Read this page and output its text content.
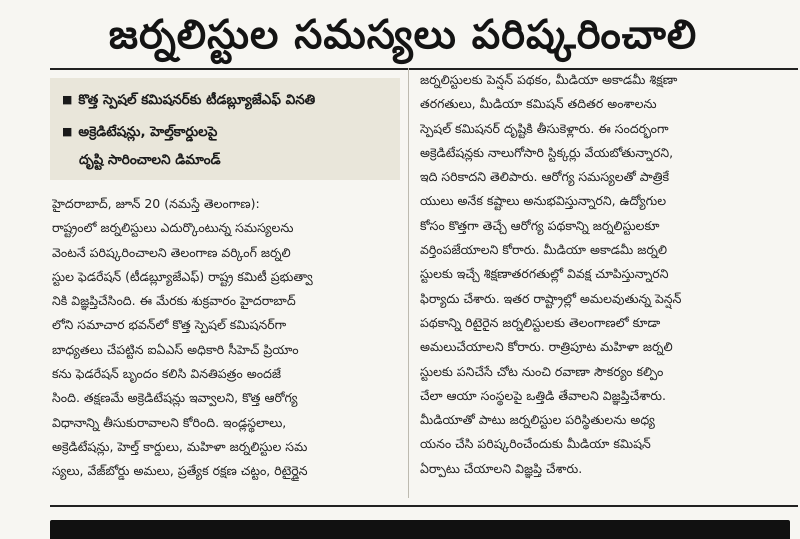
జర్నలిస్టుల సమస్యలు పరిష్కరించాలి
■ కొత్త స్పెషల్ కమిషనర్‌కు టీడబ్ల్యూజేఎఫ్ వినతి
■ అక్రెడిటేషన్లు, హెల్త్‌కార్డులపై
దృష్టి సారించాలని డిమాండ్
హైదరాబాద్, జూన్ 20 (నమస్తే తెలంగాణ):
రాష్ట్రంలో జర్నలిస్టులు ఎదుర్కొంటున్న సమస్యలను
వెంటనే పరిష్కరించాలని తెలంగాణ వర్కింగ్ జర్నలి
స్టుల ఫెడరేషన్ (టీడబ్ల్యూజేఎఫ్) రాష్ట్ర కమిటీ ప్రభుత్వా
నికి విజ్ఞప్తిచేసింది. ఈ మేరకు శుక్రవారం హైదరాబాద్
లోని సమాచార భవన్‌లో కొత్త స్పెషల్ కమిషనర్‌గా
బాధ్యతలు చేపట్టిన ఐఏఎస్ అధికారి సీహెచ్ ప్రియాం
కను ఫెడరేషన్ బృందం కలిసి వినతిపత్రం అందజే
సింది. తక్షణమే అక్రెడిటేషన్లు ఇవ్వాలని, కొత్త ఆరోగ్య
విధానాన్ని తీసుకురావాలని కోరింది. ఇండ్లస్థలాలు,
అక్రెడిటేషన్లు, హెల్త్ కార్డులు, మహిళా జర్నలిస్టుల సమ
స్యలు, వేజ్‌బోర్డు అమలు, ప్రత్యేక రక్షణ చట్టం, రిటైర్డైన
జర్నలిస్టులకు పెన్షన్ పథకం, మీడియా అకాడమీ శిక్షణా
తరగతులు, మీడియా కమిషన్ తదితర అంశాలను
స్పెషల్ కమిషనర్ దృష్టికి తీసుకెళ్లారు. ఈ సందర్భంగా
అక్రెడిటేషన్లకు నాలుగోసారి స్టిక్కర్లు వేయబోతున్నారని,
ఇది సరికాదని తెలిపారు. ఆరోగ్య సమస్యలతో పాత్రికే
యులు అనేక కష్టాలు అనుభవిస్తున్నారని, ఉద్యోగుల
కోసం కొత్తగా తెచ్చే ఆరోగ్య పథకాన్ని జర్నలిస్టులకూ
వర్తింపజేయాలని కోరారు. మీడియా అకాడమీ జర్నలి
స్టులకు ఇచ్చే శిక్షణాతరగతుల్లో వివక్ష చూపిస్తున్నారని
ఫిర్యాదు చేశారు. ఇతర రాష్ట్రాల్లో అమలవుతున్న పెన్షన్
పథకాన్ని రిటైరైన జర్నలిస్టులకు తెలంగాణలో కూడా
అమలుచేయాలని కోరారు. రాత్రిపూట మహిళా జర్నలి
స్టులకు పనిచేసే చోట నుంచి రవాణా సౌకర్యం కల్పిం
చేలా ఆయా సంస్థలపై ఒత్తిడి తేవాలని విజ్ఞప్తిచేశారు.
మీడియాతో పాటు జర్నలిస్టుల పరిస్థితులను అధ్య
యనం చేసి పరిష్కరించేందుకు మీడియా కమిషన్
ఏర్పాటు చేయాలని విజ్ఞప్తి చేశారు.
